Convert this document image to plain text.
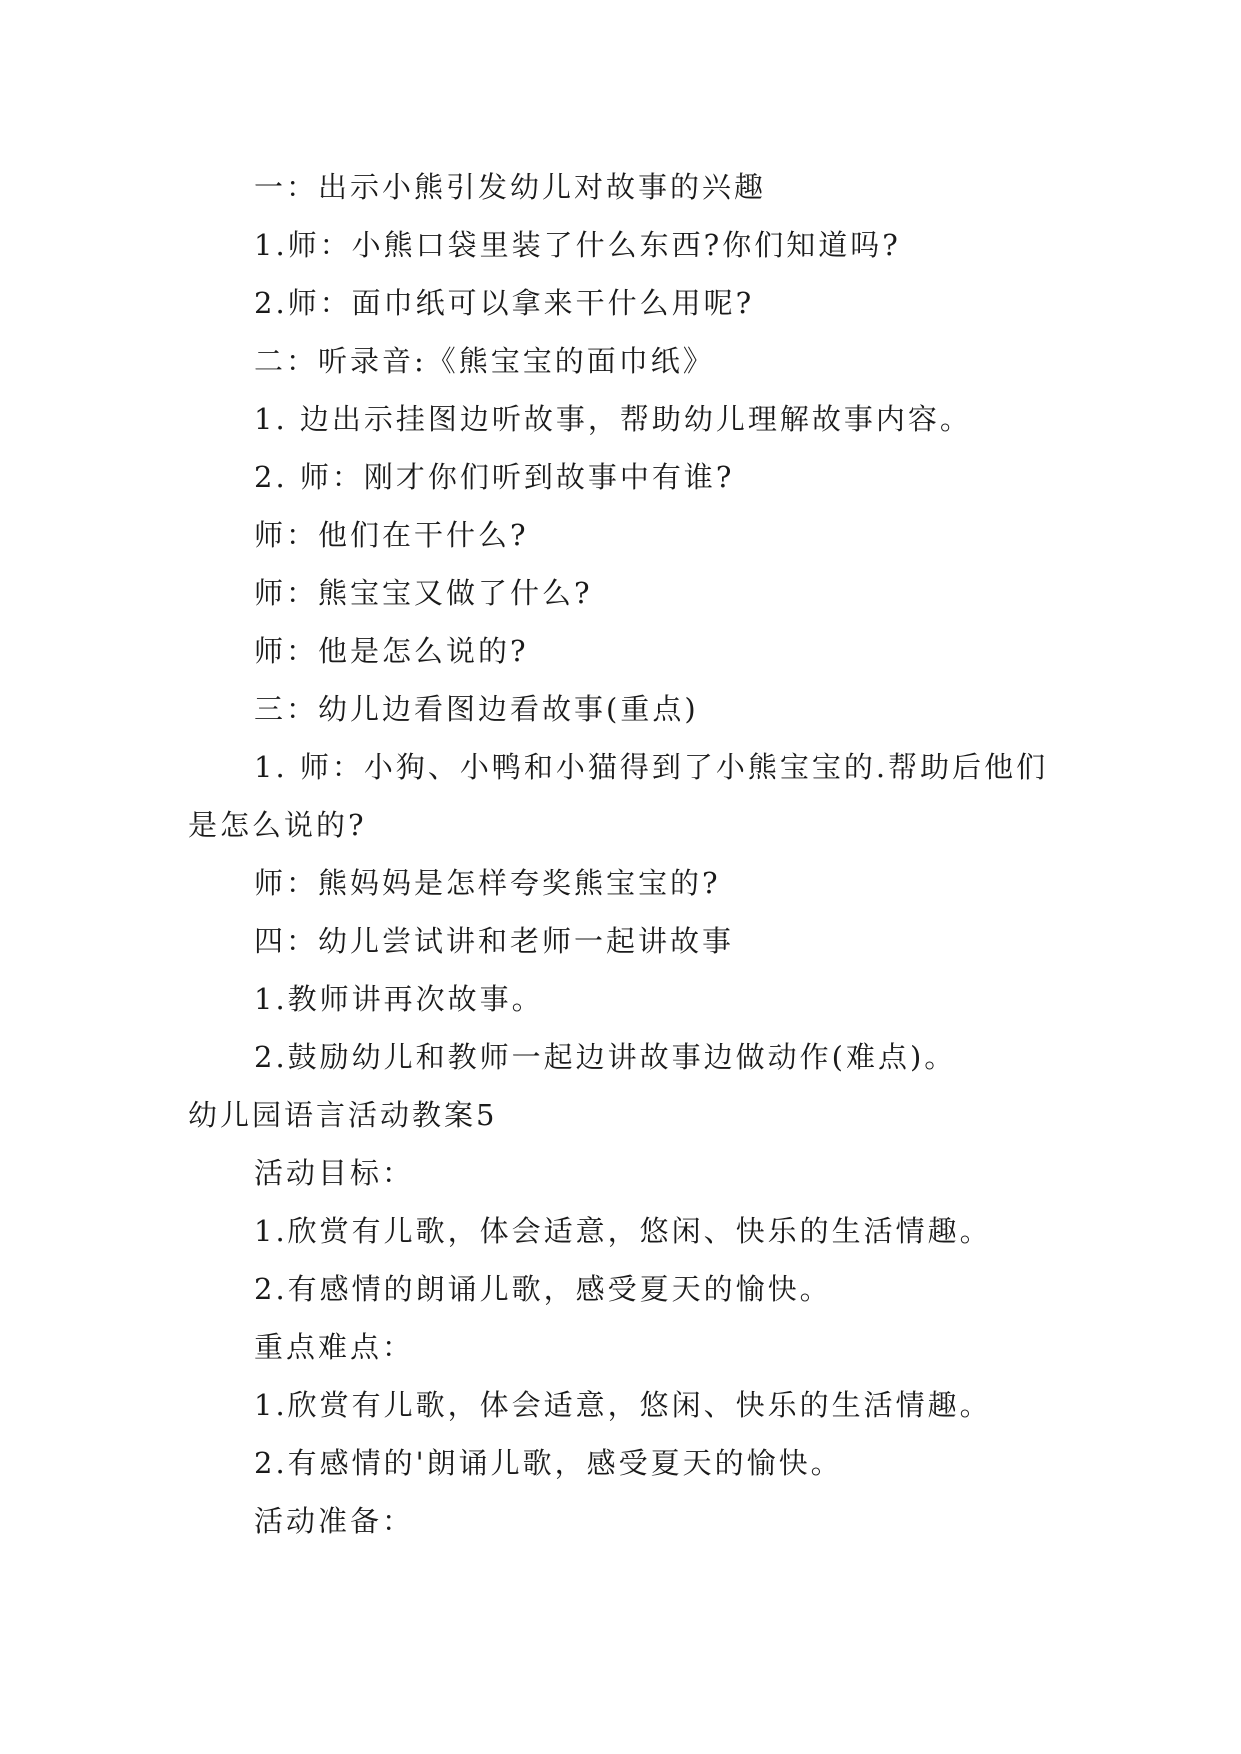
一：出示小熊引发幼儿对故事的兴趣
1.师：小熊口袋里装了什么东西?你们知道吗?
2.师：面巾纸可以拿来干什么用呢?
二：听录音:《熊宝宝的面巾纸》
1. 边出示挂图边听故事，帮助幼儿理解故事内容。
2. 师：刚才你们听到故事中有谁?
师：他们在干什么?
师：熊宝宝又做了什么?
师：他是怎么说的?
三：幼儿边看图边看故事(重点)
1. 师：小狗、小鸭和小猫得到了小熊宝宝的.帮助后他们是怎么说的?
师：熊妈妈是怎样夸奖熊宝宝的?
四：幼儿尝试讲和老师一起讲故事
1.教师讲再次故事。
2.鼓励幼儿和教师一起边讲故事边做动作(难点)。
幼儿园语言活动教案5
活动目标：
1.欣赏有儿歌，体会适意，悠闲、快乐的生活情趣。
2.有感情的朗诵儿歌，感受夏天的愉快。
重点难点：
1.欣赏有儿歌，体会适意，悠闲、快乐的生活情趣。
2.有感情的'朗诵儿歌，感受夏天的愉快。
活动准备：
